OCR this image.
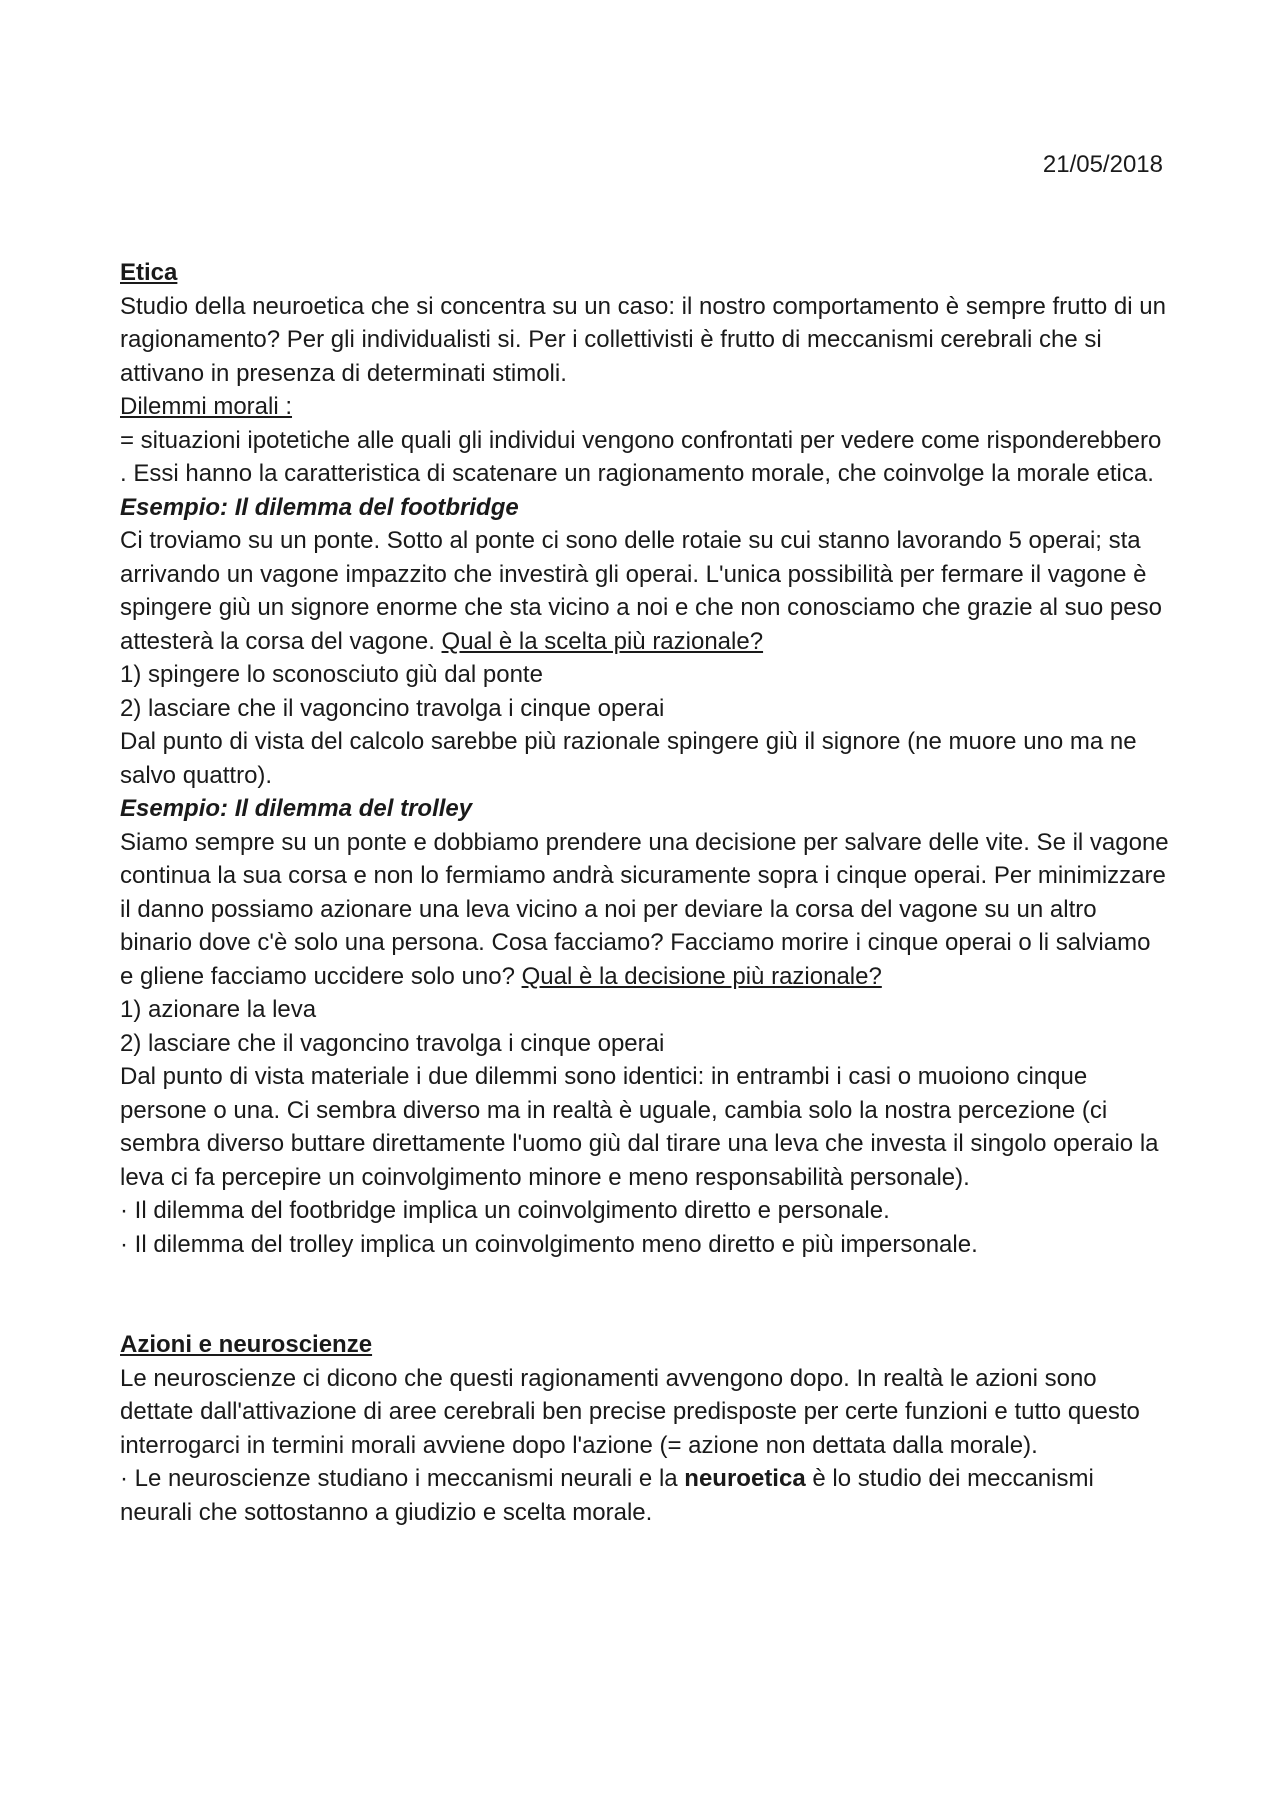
21/05/2018

Etica

Studio della neuroetica che si concentra su un caso: il nostro comportamento è sempre frutto di un ragionamento? Per gli individualisti si. Per i collettivisti è frutto di meccanismi cerebrali che si attivano in presenza di determinati stimoli.

Dilemmi morali :

= situazioni ipotetiche alle quali gli individui vengono confrontati per vedere come risponderebbero . Essi hanno la caratteristica di scatenare un ragionamento morale, che coinvolge la morale etica.

Esempio: Il dilemma del footbridge

Ci troviamo su un ponte. Sotto al ponte ci sono delle rotaie su cui stanno lavorando 5 operai; sta arrivando un vagone impazzito che investirà gli operai. L'unica possibilità per fermare il vagone è spingere giù un signore enorme che sta vicino a noi e che non conosciamo che grazie al suo peso attesterà la corsa del vagone. Qual è la scelta più razionale?

1) spingere lo sconosciuto giù dal ponte

2) lasciare che il vagoncino travolga i cinque operai

Dal punto di vista del calcolo sarebbe più razionale spingere giù il signore (ne muore uno ma ne salvo quattro).

Esempio: Il dilemma del trolley

Siamo sempre su un ponte e dobbiamo prendere una decisione per salvare delle vite. Se il vagone continua la sua corsa e non lo fermiamo andrà sicuramente sopra i cinque operai. Per minimizzare il danno possiamo azionare una leva vicino a noi per deviare la corsa del vagone su un altro binario dove c'è solo una persona. Cosa facciamo? Facciamo morire i cinque operai o li salviamo e gliene facciamo uccidere solo uno? Qual è la decisione più razionale?

1) azionare la leva

2) lasciare che il vagoncino travolga i cinque operai

Dal punto di vista materiale i due dilemmi sono identici: in entrambi i casi o muoiono cinque persone o una. Ci sembra diverso ma in realtà è uguale, cambia solo la nostra percezione (ci sembra diverso buttare direttamente l'uomo giù dal tirare una leva che investa il singolo operaio la leva ci fa percepire un coinvolgimento minore e meno responsabilità personale).

· Il dilemma del footbridge implica un coinvolgimento diretto e personale.

· Il dilemma del trolley implica un coinvolgimento meno diretto e più impersonale.

Azioni e neuroscienze

Le neuroscienze ci dicono che questi ragionamenti avvengono dopo. In realtà le azioni sono dettate dall'attivazione di aree cerebrali ben precise predisposte per certe funzioni e tutto questo interrogarci in termini morali avviene dopo l'azione (= azione non dettata dalla morale).

· Le neuroscienze studiano i meccanismi neurali e la neuroetica è lo studio dei meccanismi neurali che sottostanno a giudizio e scelta morale.
